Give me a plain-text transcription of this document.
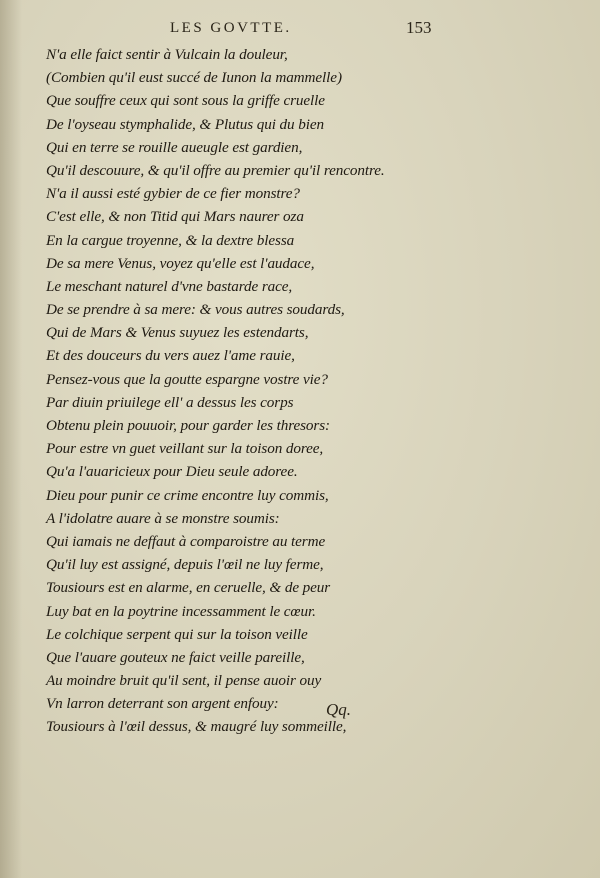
LES GOVTTE.	153
N'a elle faict sentir à Vulcain la douleur,
(Combien qu'il eust succé de Iunon la mammelle)
Que souffre ceux qui sont sous la griffe cruelle
De l'oyseau stymphalide, & Plutus qui du bien
Qui en terre se rouille aueugle est gardien,
Qu'il descouure, & qu'il offre au premier qu'il rencontre.
N'a il aussi esté gybier de ce fier monstre?
C'est elle, & non Titid qui Mars naurer oza
En la cargue troyenne, & la dextre blessa
De sa mere Venus, voyez qu'elle est l'audace,
Le meschant naturel d'vne bastarde race,
De se prendre à sa mere: & vous autres soudards,
Qui de Mars & Venus suyuez les estendarts,
Et des douceurs du vers auez l'ame rauie,
Pensez-vous que la goutte espargne vostre vie?
Par diuin priuilege ell' a dessus les corps
Obtenu plein pouuoir, pour garder les thresors:
Pour estre vn guet veillant sur la toison doree,
Qu'a l'auaricieux pour Dieu seule adoree.
Dieu pour punir ce crime encontre luy commis,
A l'idolatre auare à se monstre soumis:
Qui iamais ne deffaut à comparoistre au terme
Qu'il luy est assigné, depuis l'œil ne luy ferme,
Tousiours est en alarme, en ceruelle, & de peur
Luy bat en la poytrine incessamment le cœur.
Le colchique serpent qui sur la toison veille
Que l'auare gouteux ne faict veille pareille,
Au moindre bruit qu'il sent, il pense auoir ouy
Vn larron deterrant son argent enfouy:
Tousiours à l'œil dessus, & maugré luy sommeille,
Qq.
